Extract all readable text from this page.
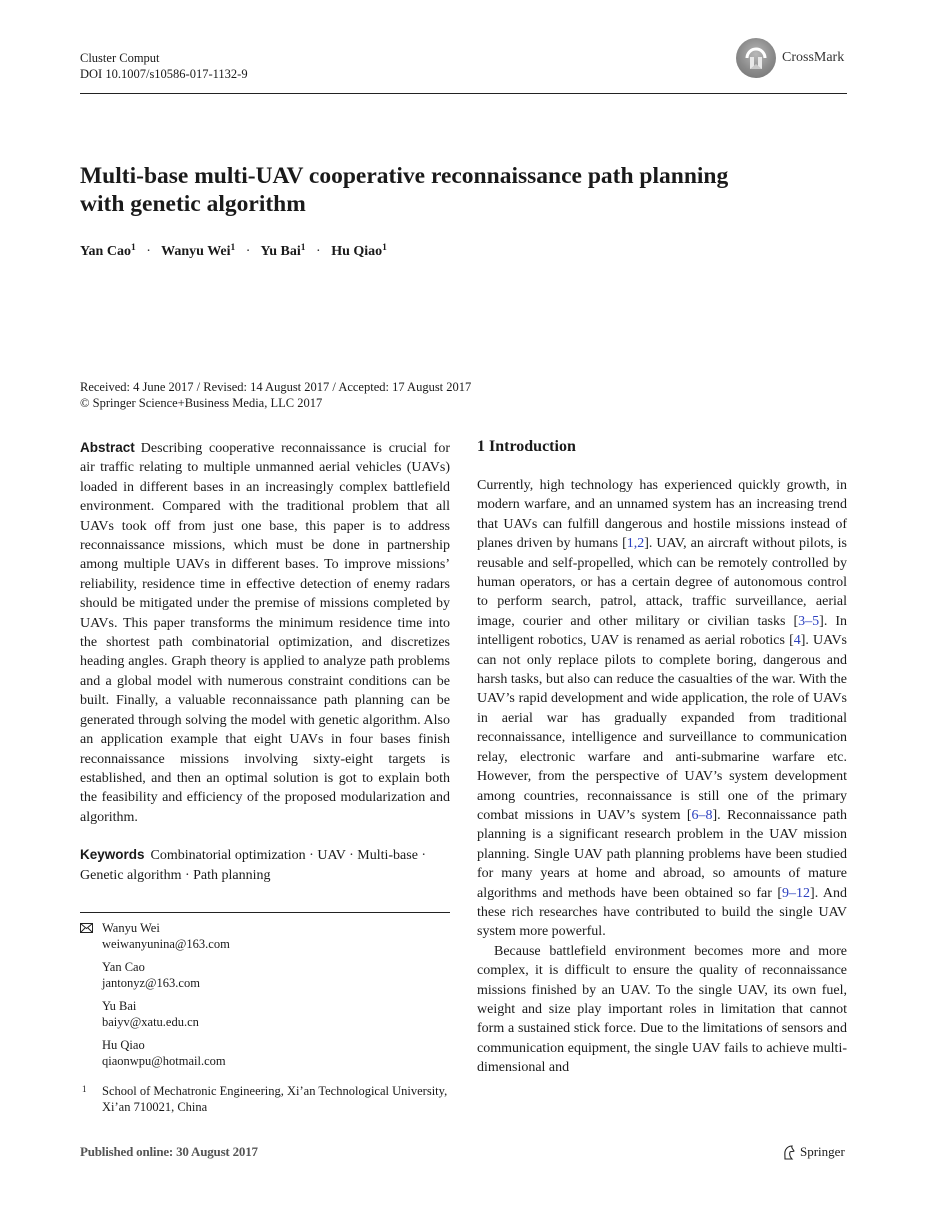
Cluster Comput
DOI 10.1007/s10586-017-1132-9
CrossMark
Multi-base multi-UAV cooperative reconnaissance path planning
with genetic algorithm
Yan Cao$^1$ · Wanyu Wei$^1$ · Yu Bai$^1$ · Hu Qiao$^1$
Received: 4 June 2017 / Revised: 14 August 2017 / Accepted: 17 August 2017
© Springer Science+Business Media, LLC 2017

Abstract Describing cooperative reconnaissance is crucial for air traffic relating to multiple unmanned aerial vehicles (UAVs) loaded in different bases in an increasingly complex battlefield environment. Compared with the traditional problem that all UAVs took off from just one base, this paper is to address reconnaissance missions, which must be done in partnership among multiple UAVs in different bases. To improve missions’ reliability, residence time in effective detection of enemy radars should be mitigated under the premise of missions completed by UAVs. This paper transforms the minimum residence time into the shortest path combinatorial optimization, and discretizes heading angles. Graph theory is applied to analyze path problems and a global model with numerous constraint conditions can be built. Finally, a valuable reconnaissance path planning can be generated through solving the model with genetic algorithm. Also an application example that eight UAVs in four bases finish reconnaissance missions involving sixty-eight targets is established, and then an optimal solution is got to explain both the feasibility and efficiency of the proposed modularization and algorithm.

Keywords Combinatorial optimization · UAV · Multi-base · Genetic algorithm · Path planning

Wanyu Wei
weiwanyunina@163.com
Yan Cao
jantonyz@163.com
Yu Bai
baiyv@xatu.edu.cn
Hu Qiao
qiaonwpu@hotmail.com
1 School of Mechatronic Engineering, Xi’an Technological University, Xi’an 710021, China
1 Introduction

Currently, high technology has experienced quickly growth, in modern warfare, and an unnamed system has an increasing trend that UAVs can fulfill dangerous and hostile missions instead of planes driven by humans [1,2]. UAV, an aircraft without pilots, is reusable and self-propelled, which can be remotely controlled by human operators, or has a certain degree of autonomous control to perform search, patrol, attack, traffic surveillance, aerial image, courier and other military or civilian tasks [3–5]. In intelligent robotics, UAV is renamed as aerial robotics [4]. UAVs can not only replace pilots to complete boring, dangerous and harsh tasks, but also can reduce the casualties of the war. With the UAV’s rapid development and wide application, the role of UAVs in aerial war has gradually expanded from traditional reconnaissance, intelligence and surveillance to communication relay, electronic warfare and anti-submarine warfare etc. However, from the perspective of UAV’s system development among countries, reconnaissance is still one of the primary combat missions in UAV’s system [6–8]. Reconnaissance path planning is a significant research problem in the UAV mission planning. Single UAV path planning problems have been studied for many years at home and abroad, so amounts of mature algorithms and methods have been obtained so far [9–12]. And these rich researches have contributed to build the single UAV system more powerful.

Because battlefield environment becomes more and more complex, it is difficult to ensure the quality of reconnaissance missions finished by an UAV. To the single UAV, its own fuel, weight and size play important roles in limitation that cannot form a sustained stick force. Due to the limitations of sensors and communication equipment, the single UAV fails to achieve multi-dimensional and

Published online: 30 August 2017	Springer
